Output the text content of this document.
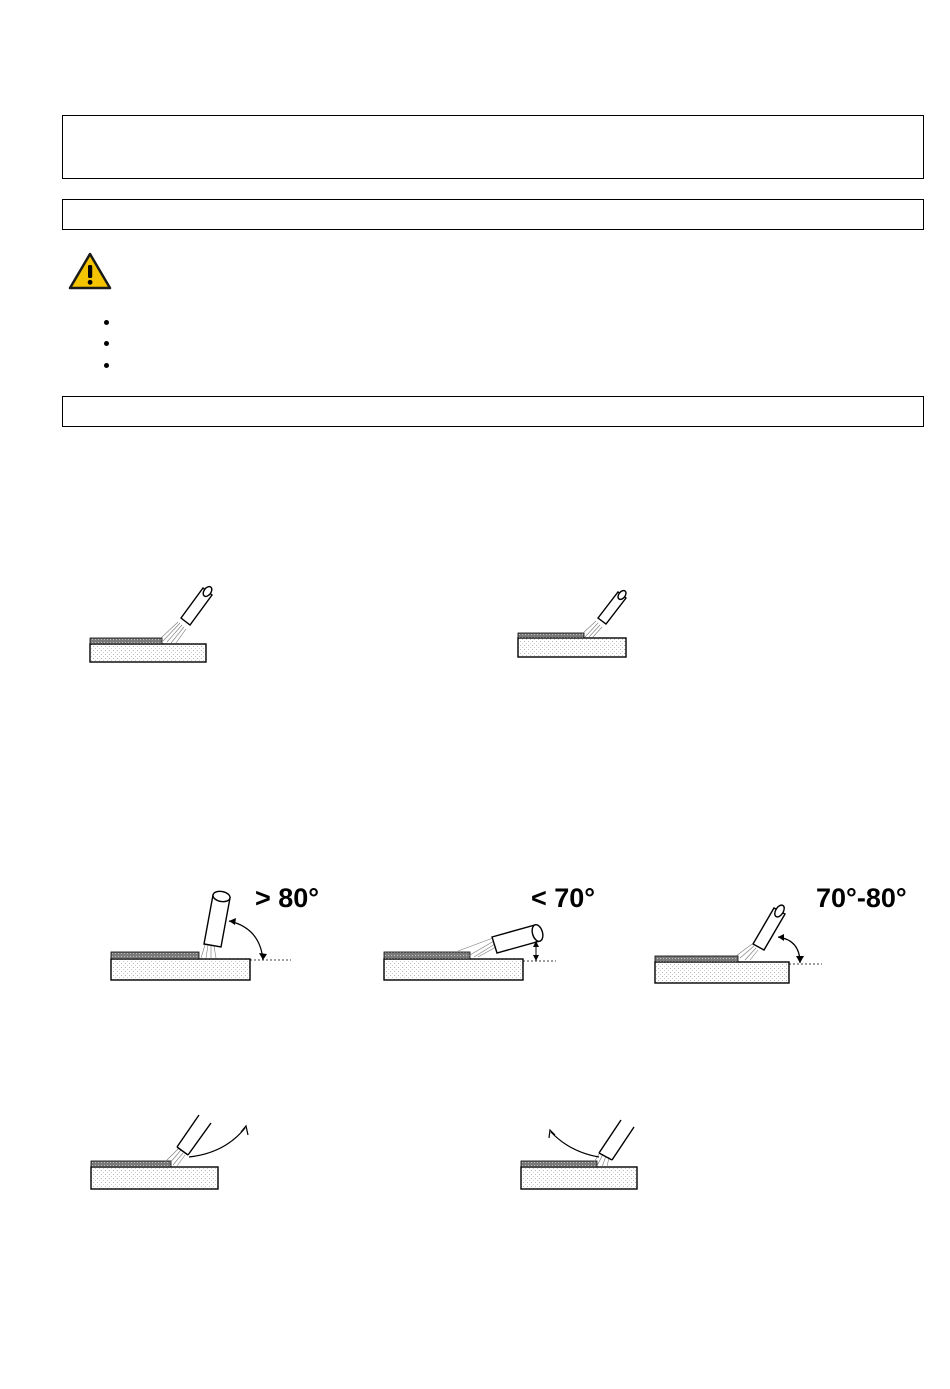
> 80°	< 70°	70°-80°
